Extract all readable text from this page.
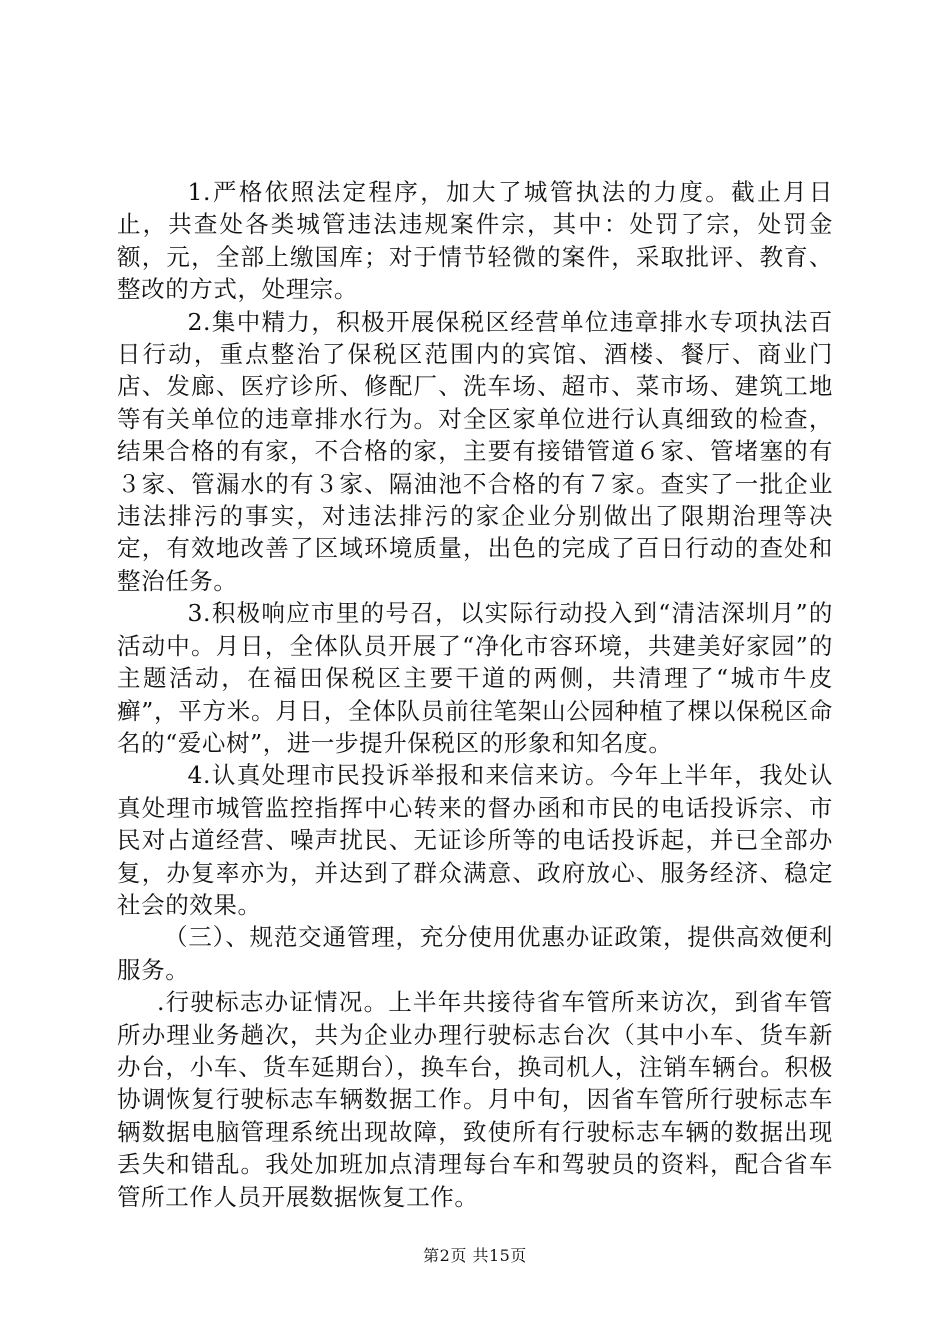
1.严格依照法定程序，加大了城管执法的力度。截止月日止，共查处各类城管违法违规案件宗，其中：处罚了宗，处罚金额，元，全部上缴国库；对于情节轻微的案件，采取批评、教育、整改的方式，处理宗。

2.集中精力，积极开展保税区经营单位违章排水专项执法百日行动，重点整治了保税区范围内的宾馆、酒楼、餐厅、商业门店、发廊、医疗诊所、修配厂、洗车场、超市、菜市场、建筑工地等有关单位的违章排水行为。对全区家单位进行认真细致的检查，结果合格的有家，不合格的家，主要有接错管道６家、管堵塞的有３家、管漏水的有３家、隔油池不合格的有７家。查实了一批企业违法排污的事实，对违法排污的家企业分别做出了限期治理等决定，有效地改善了区域环境质量，出色的完成了百日行动的查处和整治任务。

3.积极响应市里的号召，以实际行动投入到“清洁深圳月”的活动中。月日，全体队员开展了“净化市容环境，共建美好家园”的主题活动，在福田保税区主要干道的两侧，共清理了“城市牛皮癣”，平方米。月日，全体队员前往笔架山公园种植了棵以保税区命名的“爱心树”，进一步提升保税区的形象和知名度。

4.认真处理市民投诉举报和来信来访。今年上半年，我处认真处理市城管监控指挥中心转来的督办函和市民的电话投诉宗、市民对占道经营、噪声扰民、无证诊所等的电话投诉起，并已全部办复，办复率亦为，并达到了群众满意、政府放心、服务经济、稳定社会的效果。

（三）、规范交通管理，充分使用优惠办证政策，提供高效便利服务。

.行驶标志办证情况。上半年共接待省车管所来访次，到省车管所办理业务趟次，共为企业办理行驶标志台次（其中小车、货车新办台，小车、货车延期台），换车台，换司机人，注销车辆台。积极协调恢复行驶标志车辆数据工作。月中旬，因省车管所行驶标志车辆数据电脑管理系统出现故障，致使所有行驶标志车辆的数据出现丢失和错乱。我处加班加点清理每台车和驾驶员的资料，配合省车管所工作人员开展数据恢复工作。

第2页 共15页
